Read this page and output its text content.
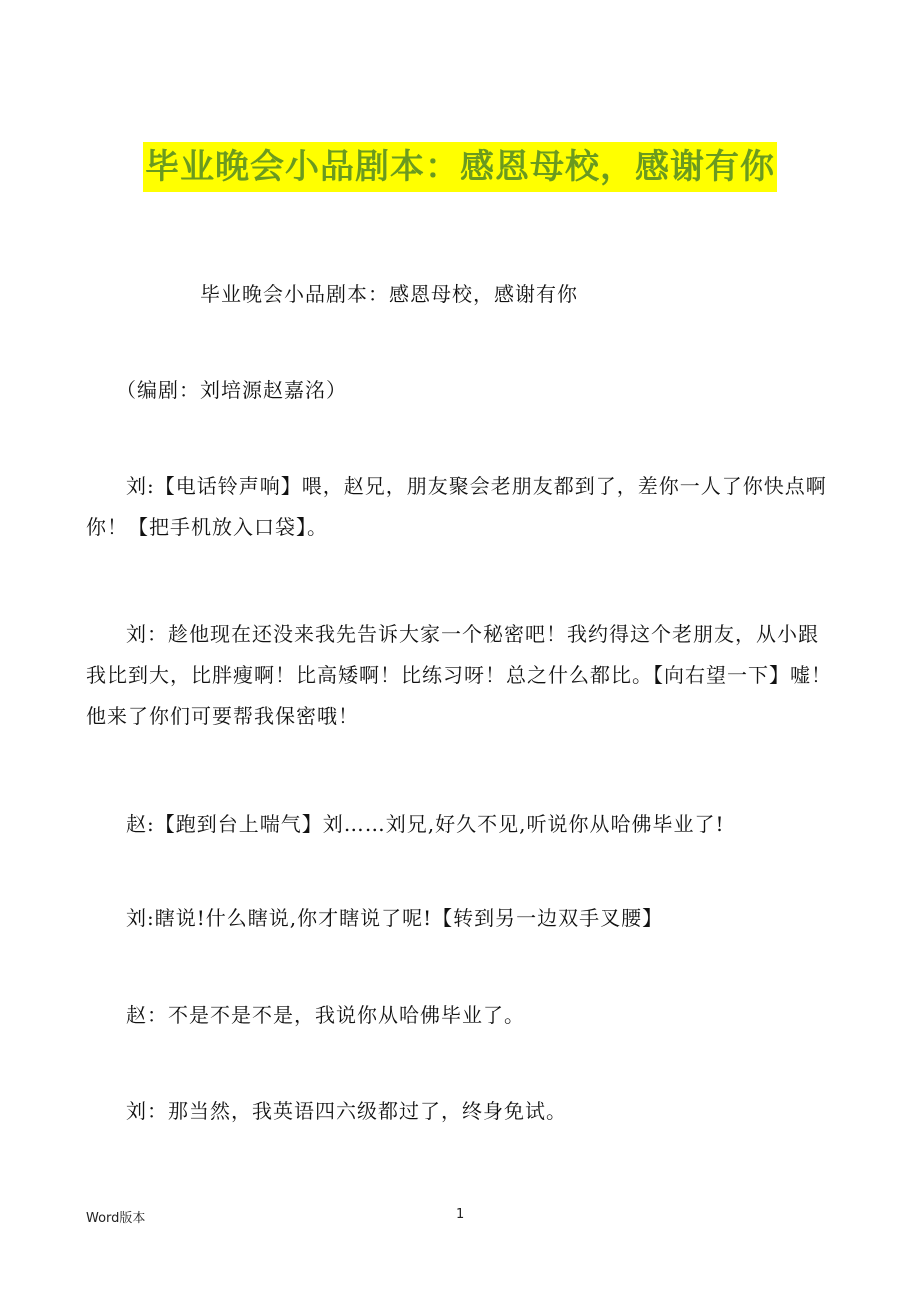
毕业晚会小品剧本：感恩母校，感谢有你

毕业晚会小品剧本：感恩母校，感谢有你

（编剧：刘培源赵嘉洺）

刘:【电话铃声响】喂，赵兄，朋友聚会老朋友都到了，差你一人了你快点啊你！【把手机放入口袋】。

刘：趁他现在还没来我先告诉大家一个秘密吧！我约得这个老朋友，从小跟我比到大，比胖瘦啊！比高矮啊！比练习呀！总之什么都比。【向右望一下】嘘！他来了你们可要帮我保密哦！

赵:【跑到台上喘气】刘……刘兄,好久不见,听说你从哈佛毕业了!

刘:瞎说!什么瞎说,你才瞎说了呢!【转到另一边双手叉腰】

赵：不是不是不是，我说你从哈佛毕业了。

刘：那当然，我英语四六级都过了，终身免试。

Word版本	1
